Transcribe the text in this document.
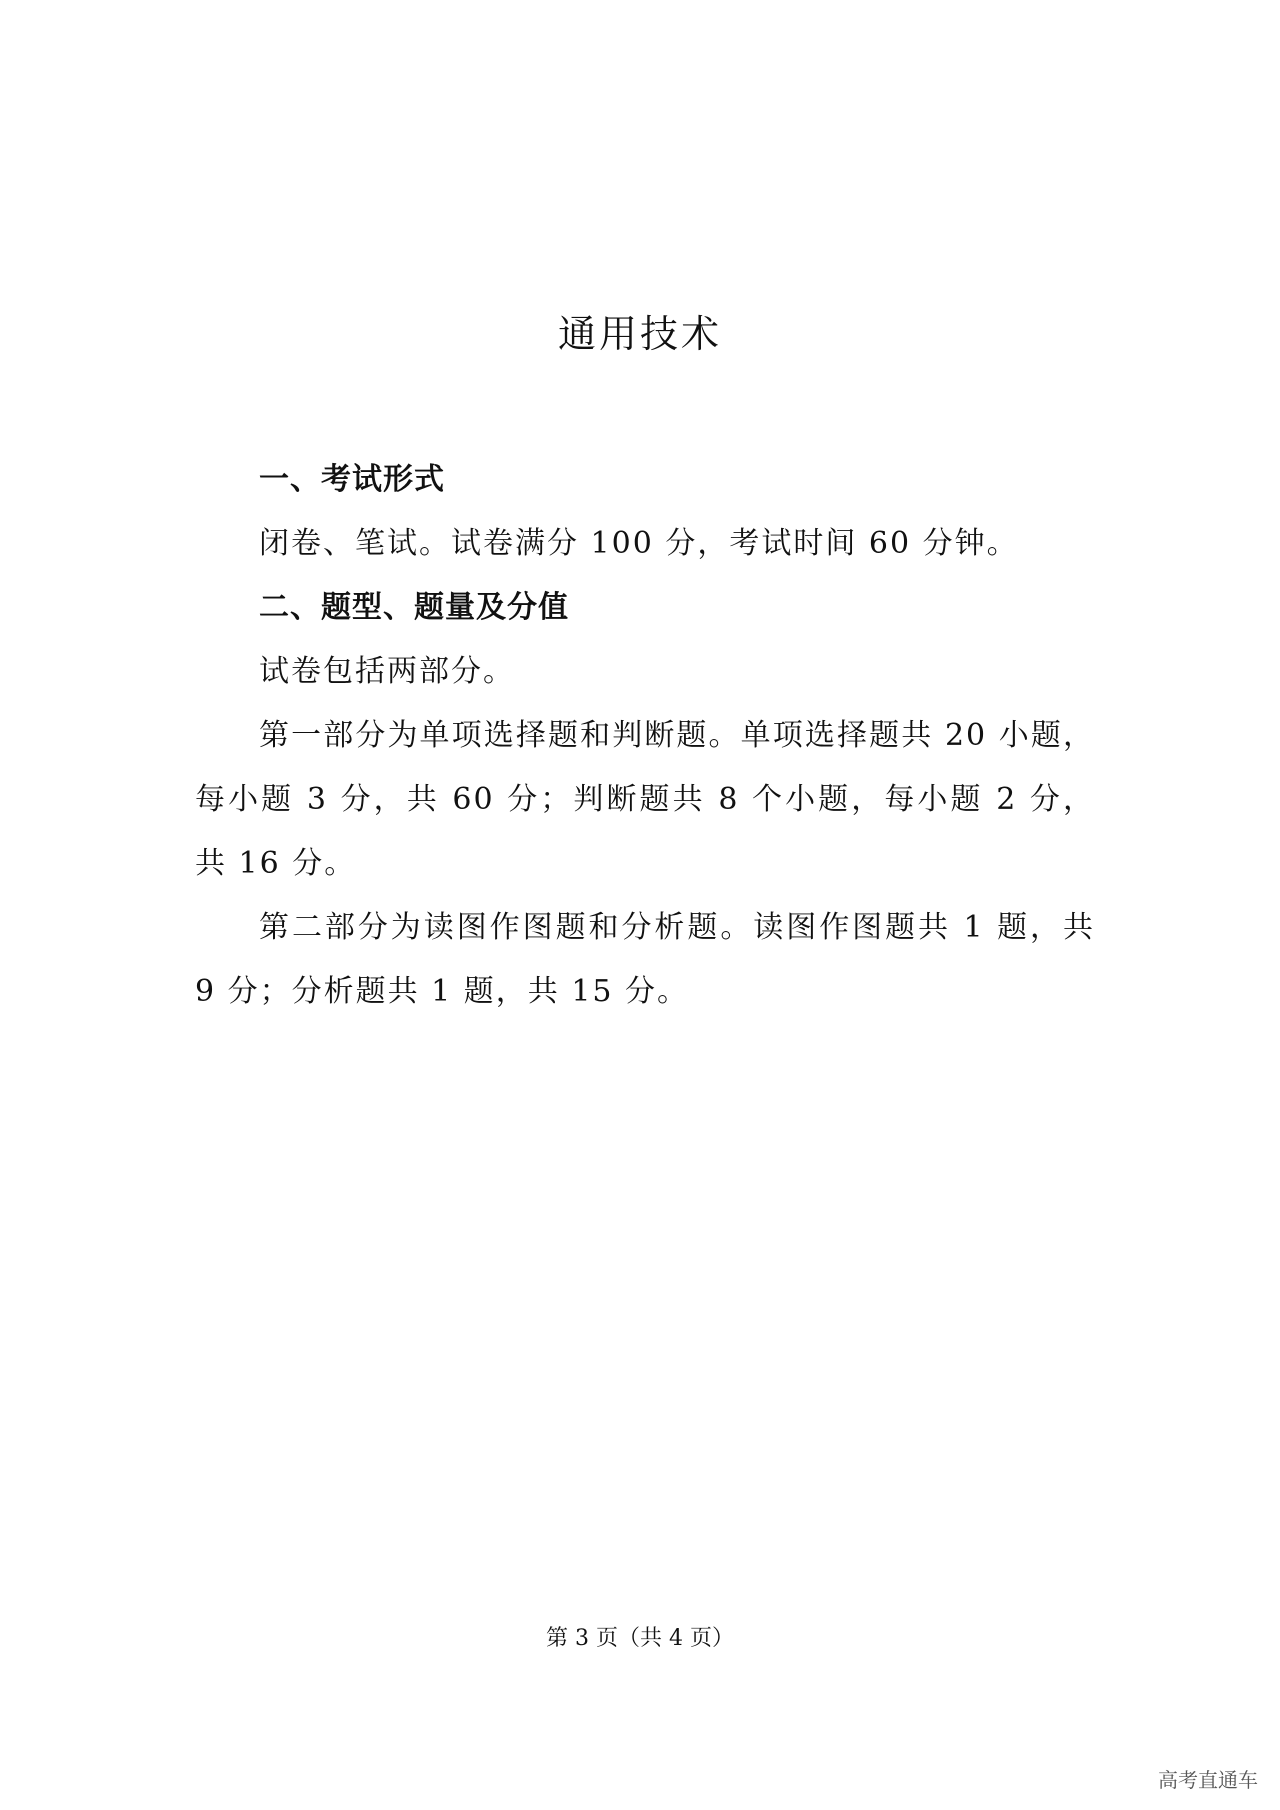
通用技术

一、考试形式

闭卷、笔试。试卷满分 100 分，考试时间 60 分钟。

二、题型、题量及分值

试卷包括两部分。

第一部分为单项选择题和判断题。单项选择题共 20 小题，每小题 3 分，共 60 分；判断题共 8 个小题，每小题 2 分，共 16 分。

第二部分为读图作图题和分析题。读图作图题共 1 题，共 9 分；分析题共 1 题，共 15 分。

第 3 页（共 4 页）
高考直通车
